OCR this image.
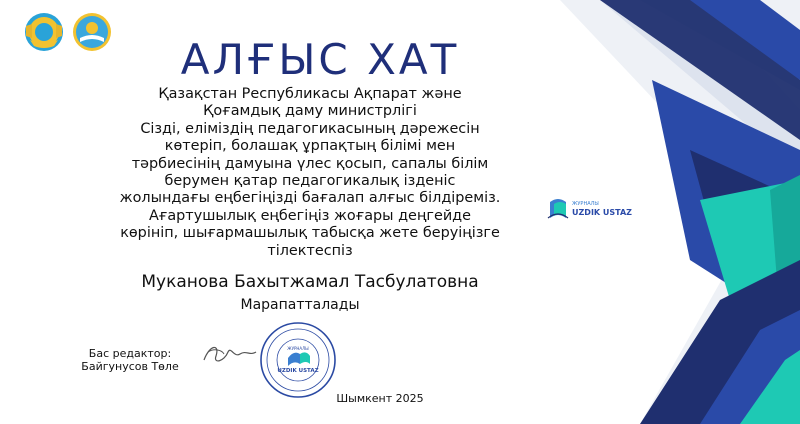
АЛҒЫС ХАТ
Қазақстан Республикасы Ақпарат және
Қоғамдық даму министрлігі
Сізді, еліміздің педагогикасының дәрежесін
көтеріп, болашақ ұрпақтың білімі мен
тәрбиесінің дамуына үлес қосып, сапалы білім
берумен қатар педагогикалық ізденіс
жолындағы еңбегіңізді бағалап алғыс білдіреміз.
Ағартушылық еңбегіңіз жоғары деңгейде
көрініп, шығармашылық табысқа жете беруіңізге
тілектеспіз
Муканова Бахытжамал Тасбулатовна
Марапатталады
Бас редактор:
Байгунусов Төле
ЖУРНАЛЫ
UZDIK USTAZ
Шымкент 2025
ЖУРНАЛЫ
UZDIK USTAZ
